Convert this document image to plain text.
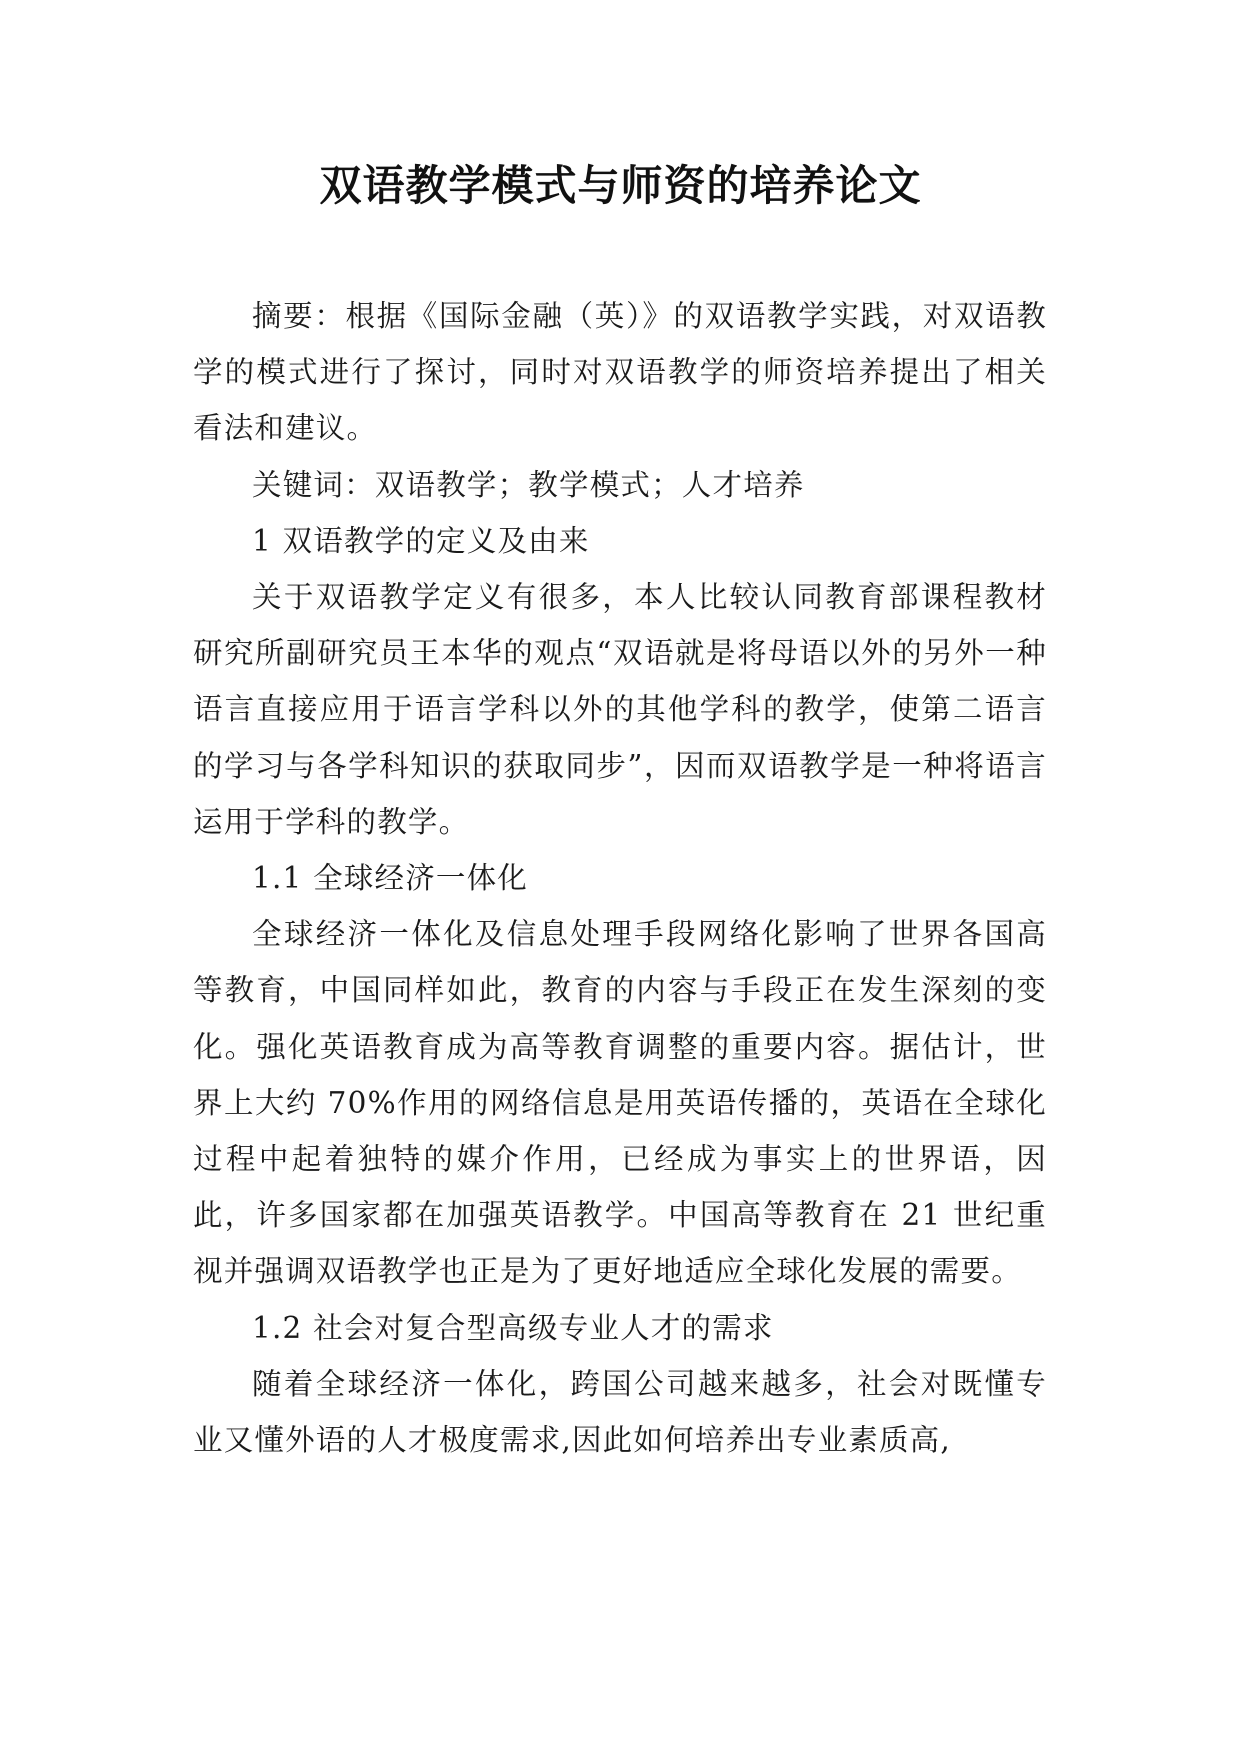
双语教学模式与师资的培养论文

摘要：根据《国际金融（英）》的双语教学实践，对双语教学的模式进行了探讨，同时对双语教学的师资培养提出了相关看法和建议。

关键词：双语教学；教学模式；人才培养

1 双语教学的定义及由来

关于双语教学定义有很多，本人比较认同教育部课程教材研究所副研究员王本华的观点“双语就是将母语以外的另外一种语言直接应用于语言学科以外的其他学科的教学，使第二语言的学习与各学科知识的获取同步”，因而双语教学是一种将语言运用于学科的教学。

1.1 全球经济一体化

全球经济一体化及信息处理手段网络化影响了世界各国高等教育，中国同样如此，教育的内容与手段正在发生深刻的变化。强化英语教育成为高等教育调整的重要内容。据估计，世界上大约 70%作用的网络信息是用英语传播的，英语在全球化过程中起着独特的媒介作用，已经成为事实上的世界语，因此，许多国家都在加强英语教学。中国高等教育在 21 世纪重视并强调双语教学也正是为了更好地适应全球化发展的需要。

1.2 社会对复合型高级专业人才的需求

随着全球经济一体化，跨国公司越来越多，社会对既懂专业又懂外语的人才极度需求,因此如何培养出专业素质高,
